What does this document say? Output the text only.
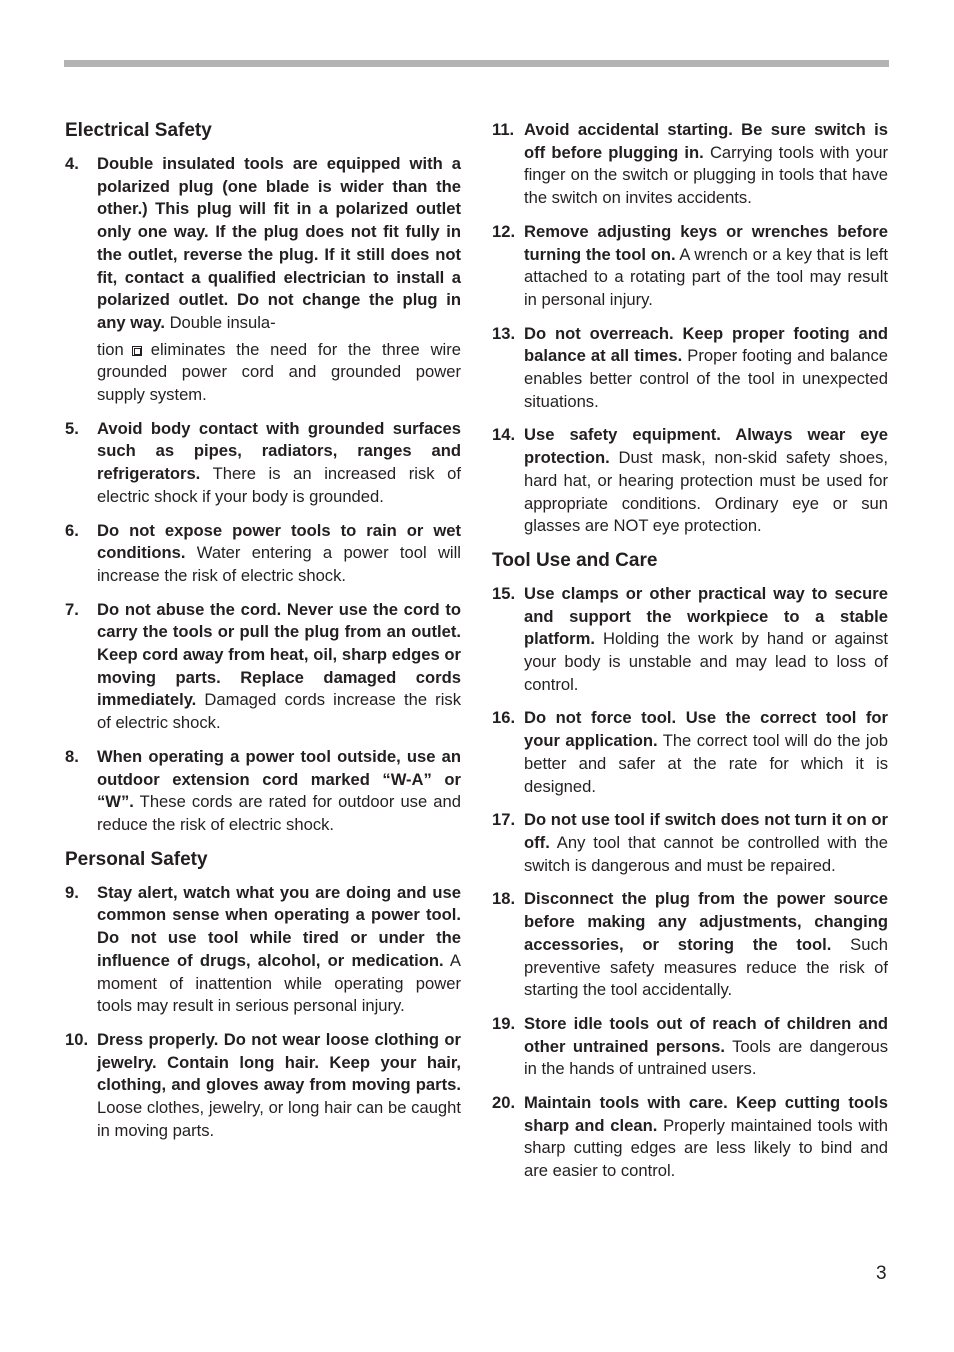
Electrical Safety
4. Double insulated tools are equipped with a polarized plug (one blade is wider than the other.) This plug will fit in a polarized outlet only one way. If the plug does not fit fully in the outlet, reverse the plug. If it still does not fit, contact a qualified electrician to install a polarized outlet. Do not change the plug in any way. Double insula-
tion eliminates the need for the three wire grounded power cord and grounded power supply system.
5. Avoid body contact with grounded surfaces such as pipes, radiators, ranges and refrigerators. There is an increased risk of electric shock if your body is grounded.
6. Do not expose power tools to rain or wet conditions. Water entering a power tool will increase the risk of electric shock.
7. Do not abuse the cord. Never use the cord to carry the tools or pull the plug from an outlet. Keep cord away from heat, oil, sharp edges or moving parts. Replace damaged cords immediately. Damaged cords increase the risk of electric shock.
8. When operating a power tool outside, use an outdoor extension cord marked “W-A” or “W”. These cords are rated for outdoor use and reduce the risk of electric shock.
Personal Safety
9. Stay alert, watch what you are doing and use common sense when operating a power tool. Do not use tool while tired or under the influence of drugs, alcohol, or medication. A moment of inattention while operating power tools may result in serious personal injury.
10. Dress properly. Do not wear loose clothing or jewelry. Contain long hair. Keep your hair, clothing, and gloves away from moving parts. Loose clothes, jewelry, or long hair can be caught in moving parts.
11. Avoid accidental starting. Be sure switch is off before plugging in. Carrying tools with your finger on the switch or plugging in tools that have the switch on invites accidents.
12. Remove adjusting keys or wrenches before turning the tool on. A wrench or a key that is left attached to a rotating part of the tool may result in personal injury.
13. Do not overreach. Keep proper footing and balance at all times. Proper footing and balance enables better control of the tool in unexpected situations.
14. Use safety equipment. Always wear eye protection. Dust mask, non-skid safety shoes, hard hat, or hearing protection must be used for appropriate conditions. Ordinary eye or sun glasses are NOT eye protection.
Tool Use and Care
15. Use clamps or other practical way to secure and support the workpiece to a stable platform. Holding the work by hand or against your body is unstable and may lead to loss of control.
16. Do not force tool. Use the correct tool for your application. The correct tool will do the job better and safer at the rate for which it is designed.
17. Do not use tool if switch does not turn it on or off. Any tool that cannot be controlled with the switch is dangerous and must be repaired.
18. Disconnect the plug from the power source before making any adjustments, changing accessories, or storing the tool. Such preventive safety measures reduce the risk of starting the tool accidentally.
19. Store idle tools out of reach of children and other untrained persons. Tools are dangerous in the hands of untrained users.
20. Maintain tools with care. Keep cutting tools sharp and clean. Properly maintained tools with sharp cutting edges are less likely to bind and are easier to control.
3
